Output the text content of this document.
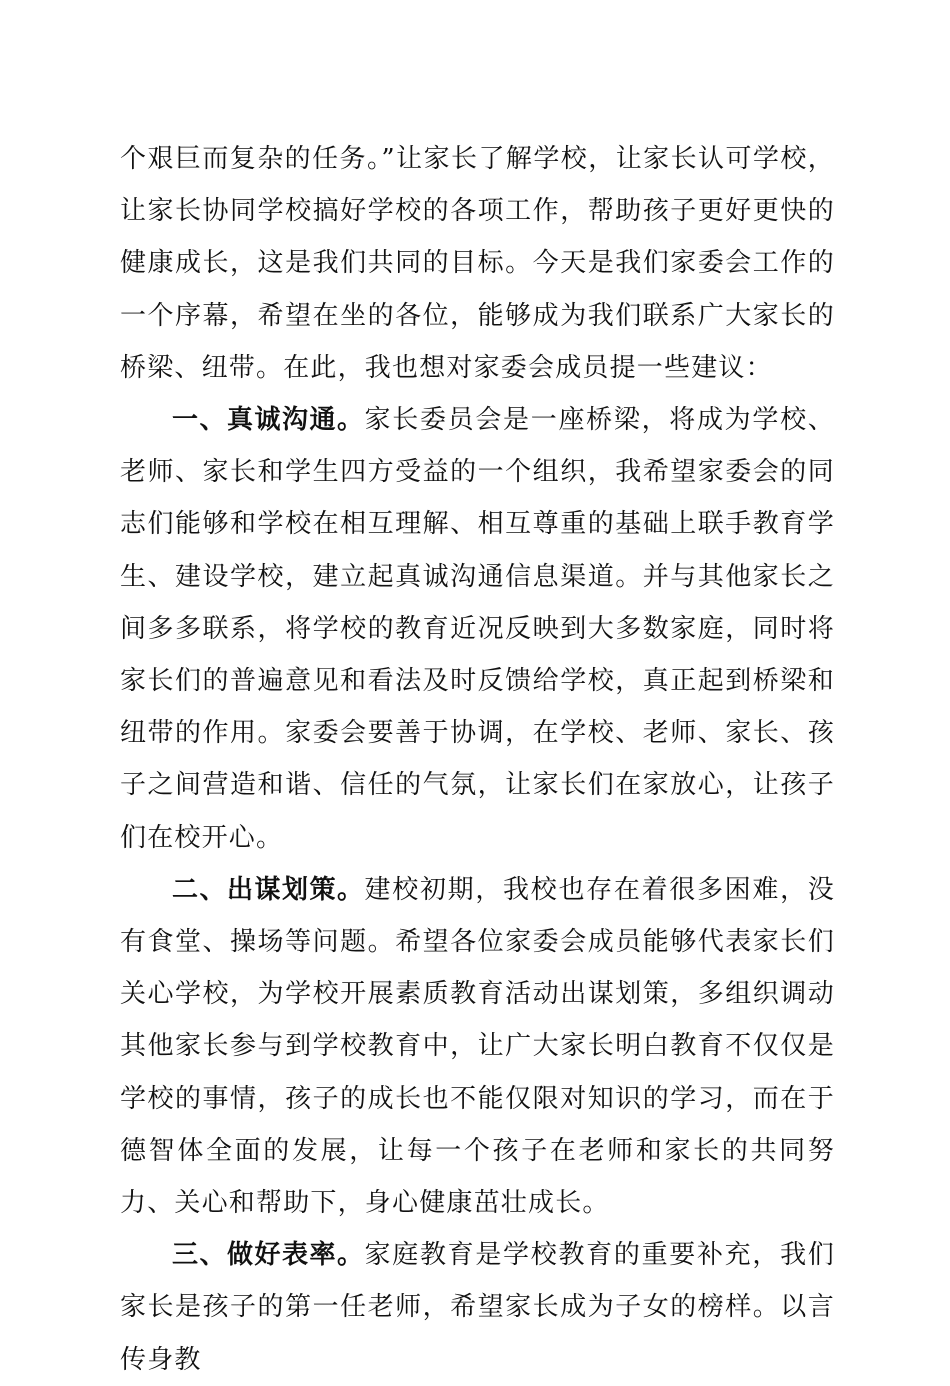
个艰巨而复杂的任务。”让家长了解学校，让家长认可学校，让家长协同学校搞好学校的各项工作，帮助孩子更好更快的健康成长，这是我们共同的目标。今天是我们家委会工作的一个序幕，希望在坐的各位，能够成为我们联系广大家长的桥梁、纽带。在此，我也想对家委会成员提一些建议：

一、真诚沟通。家长委员会是一座桥梁，将成为学校、老师、家长和学生四方受益的一个组织，我希望家委会的同志们能够和学校在相互理解、相互尊重的基础上联手教育学生、建设学校，建立起真诚沟通信息渠道。并与其他家长之间多多联系，将学校的教育近况反映到大多数家庭，同时将家长们的普遍意见和看法及时反馈给学校，真正起到桥梁和纽带的作用。家委会要善于协调，在学校、老师、家长、孩子之间营造和谐、信任的气氛，让家长们在家放心，让孩子们在校开心。

二、出谋划策。建校初期，我校也存在着很多困难，没有食堂、操场等问题。希望各位家委会成员能够代表家长们关心学校，为学校开展素质教育活动出谋划策，多组织调动其他家长参与到学校教育中，让广大家长明白教育不仅仅是学校的事情，孩子的成长也不能仅限对知识的学习，而在于德智体全面的发展，让每一个孩子在老师和家长的共同努力、关心和帮助下，身心健康茁壮成长。

三、做好表率。家庭教育是学校教育的重要补充，我们家长是孩子的第一任老师，希望家长成为子女的榜样。以言传身教
